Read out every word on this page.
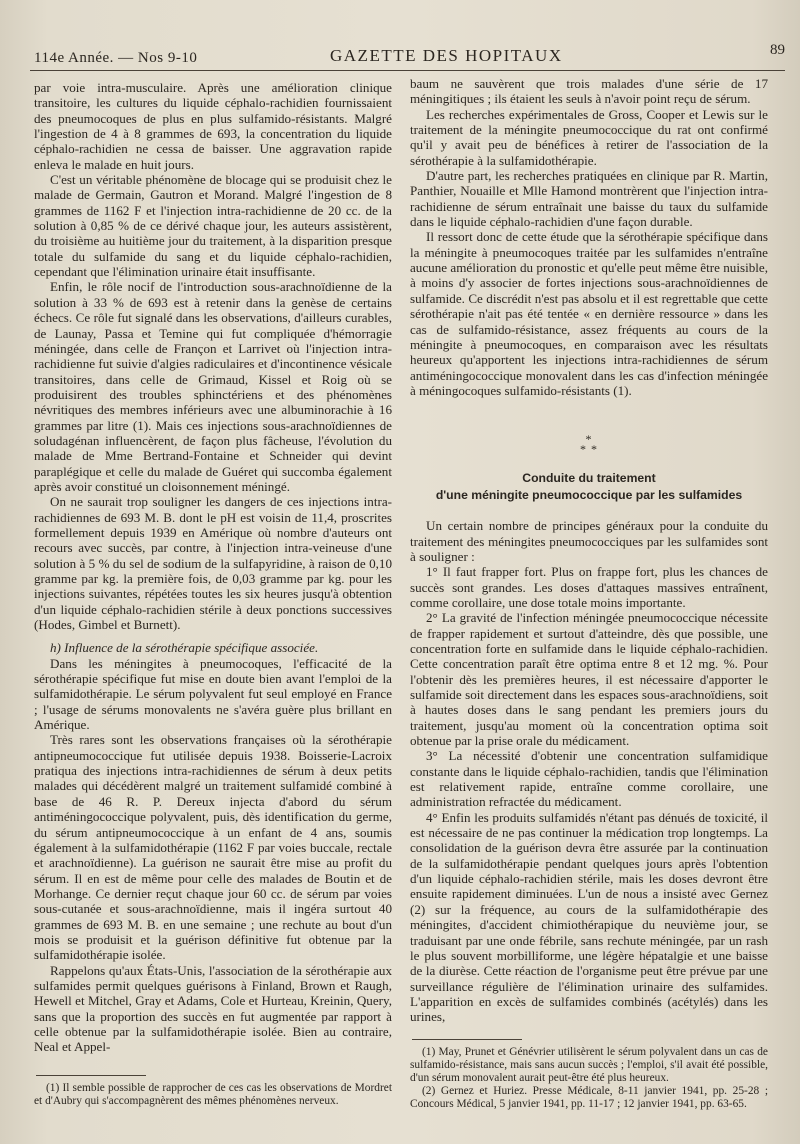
114e Année. — Nos 9-10	GAZETTE DES HOPITAUX	89

par voie intra-musculaire. Après une amélioration clinique transitoire, les cultures du liquide céphalo-rachidien fournissaient des pneumocoques de plus en plus sulfamido-résistants. Malgré l'ingestion de 4 à 8 grammes de 693, la concentration du liquide céphalo-rachidien ne cessa de baisser. Une aggravation rapide enleva le malade en huit jours.

C'est un véritable phénomène de blocage qui se produisit chez le malade de Germain, Gautron et Morand. Malgré l'ingestion de 8 grammes de 1162 F et l'injection intra-rachidienne de 20 cc. de la solution à 0,85 % de ce dérivé chaque jour, les auteurs assistèrent, du troisième au huitième jour du traitement, à la disparition presque totale du sulfamide du sang et du liquide céphalo-rachidien, cependant que l'élimination urinaire était insuffisante.

Enfin, le rôle nocif de l'introduction sous-arachnoïdienne de la solution à 33 % de 693 est à retenir dans la genèse de certains échecs. Ce rôle fut signalé dans les observations, d'ailleurs curables, de Launay, Passa et Temine qui fut compliquée d'hémorragie méningée, dans celle de Françon et Larrivet où l'injection intra-rachidienne fut suivie d'algies radiculaires et d'incontinence vésicale transitoires, dans celle de Grimaud, Kissel et Roig où se produisirent des troubles sphinctériens et des phénomènes névritiques des membres inférieurs avec une albuminorachie à 16 grammes par litre (1). Mais ces injections sous-arachnoïdiennes de soludagénan influencèrent, de façon plus fâcheuse, l'évolution du malade de Mme Bertrand-Fontaine et Schneider qui devint paraplégique et celle du malade de Guéret qui succomba également après avoir constitué un cloisonnement méningé.

On ne saurait trop souligner les dangers de ces injections intra-rachidiennes de 693 M. B. dont le pH est voisin de 11,4, proscrites formellement depuis 1939 en Amérique où nombre d'auteurs ont recours avec succès, par contre, à l'injection intra-veineuse d'une solution à 5 % du sel de sodium de la sulfapyridine, à raison de 0,10 gramme par kg. la première fois, de 0,03 gramme par kg. pour les injections suivantes, répétées toutes les six heures jusqu'à obtention d'un liquide céphalo-rachidien stérile à deux ponctions successives (Hodes, Gimbel et Burnett).

h) Influence de la sérothérapie spécifique associée.

Dans les méningites à pneumocoques, l'efficacité de la sérothérapie spécifique fut mise en doute bien avant l'emploi de la sulfamidothérapie. Le sérum polyvalent fut seul employé en France ; l'usage de sérums monovalents ne s'avéra guère plus brillant en Amérique.

Très rares sont les observations françaises où la sérothérapie antipneumococcique fut utilisée depuis 1938. Boisserie-Lacroix pratiqua des injections intra-rachidiennes de sérum à deux petits malades qui décédèrent malgré un traitement sulfamidé combiné à base de 46 R. P. Dereux injecta d'abord du sérum antiméningococcique polyvalent, puis, dès identification du germe, du sérum antipneumococcique à un enfant de 4 ans, soumis également à la sulfamidothérapie (1162 F par voies buccale, rectale et arachnoïdienne). La guérison ne saurait être mise au profit du sérum. Il en est de même pour celle des malades de Boutin et de Morhange. Ce dernier reçut chaque jour 60 cc. de sérum par voies sous-cutanée et sous-arachnoïdienne, mais il ingéra surtout 40 grammes de 693 M. B. en une semaine ; une rechute au bout d'un mois se produisit et la guérison définitive fut obtenue par la sulfamidothérapie isolée.

Rappelons qu'aux États-Unis, l'association de la sérothérapie aux sulfamides permit quelques guérisons à Finland, Brown et Raugh, Hewell et Mitchel, Gray et Adams, Cole et Hurteau, Kreinin, Query, sans que la proportion des succès en fut augmentée par rapport à celle obtenue par la sulfamidothérapie isolée. Bien au contraire, Neal et Appel-

(1) Il semble possible de rapprocher de ces cas les observations de Mordret et d'Aubry qui s'accompagnèrent des mêmes phénomènes nerveux.

baum ne sauvèrent que trois malades d'une série de 17 méningitiques ; ils étaient les seuls à n'avoir point reçu de sérum.

Les recherches expérimentales de Gross, Cooper et Lewis sur le traitement de la méningite pneumococcique du rat ont confirmé qu'il y avait peu de bénéfices à retirer de l'association de la sérothérapie à la sulfamidothérapie.

D'autre part, les recherches pratiquées en clinique par R. Martin, Panthier, Nouaille et Mlle Hamond montrèrent que l'injection intra-rachidienne de sérum entraînait une baisse du taux du sulfamide dans le liquide céphalo-rachidien d'une façon durable.

Il ressort donc de cette étude que la sérothérapie spécifique dans la méningite à pneumocoques traitée par les sulfamides n'entraîne aucune amélioration du pronostic et qu'elle peut même être nuisible, à moins d'y associer de fortes injections sous-arachnoïdiennes de sulfamide. Ce discrédit n'est pas absolu et il est regrettable que cette sérothérapie n'ait pas été tentée « en dernière ressource » dans les cas de sulfamido-résistance, assez fréquents au cours de la méningite à pneumocoques, en comparaison avec les résultats heureux qu'apportent les injections intra-rachidiennes de sérum antiméningococcique monovalent dans les cas d'infection méningée à méningocoques sulfamido-résistants (1).

*
* *

Conduite du traitement

d'une méningite pneumococcique par les sulfamides

Un certain nombre de principes généraux pour la conduite du traitement des méningites pneumococciques par les sulfamides sont à souligner :

1° Il faut frapper fort. Plus on frappe fort, plus les chances de succès sont grandes. Les doses d'attaques massives entraînent, comme corollaire, une dose totale moins importante.

2° La gravité de l'infection méningée pneumococcique nécessite de frapper rapidement et surtout d'atteindre, dès que possible, une concentration forte en sulfamide dans le liquide céphalo-rachidien. Cette concentration paraît être optima entre 8 et 12 mg. %. Pour l'obtenir dès les premières heures, il est nécessaire d'apporter le sulfamide soit directement dans les espaces sous-arachnoïdiens, soit à hautes doses dans le sang pendant les premiers jours du traitement, jusqu'au moment où la concentration optima soit obtenue par la prise orale du médicament.

3° La nécessité d'obtenir une concentration sulfamidique constante dans le liquide céphalo-rachidien, tandis que l'élimination est relativement rapide, entraîne comme corollaire, une administration refractée du médicament.

4° Enfin les produits sulfamidés n'étant pas dénués de toxicité, il est nécessaire de ne pas continuer la médication trop longtemps. La consolidation de la guérison devra être assurée par la continuation de la sulfamidothérapie pendant quelques jours après l'obtention d'un liquide céphalo-rachidien stérile, mais les doses devront être ensuite rapidement diminuées. L'un de nous a insisté avec Gernez (2) sur la fréquence, au cours de la sulfamidothérapie des méningites, d'accident chimiothérapique du neuvième jour, se traduisant par une onde fébrile, sans rechute méningée, par un rash le plus souvent morbilliforme, une légère hépatalgie et une baisse de la diurèse. Cette réaction de l'organisme peut être prévue par une surveillance régulière de l'élimination urinaire des sulfamides. L'apparition en excès de sulfamides combinés (acétylés) dans les urines,

(1) May, Prunet et Génévrier utilisèrent le sérum polyvalent dans un cas de sulfamido-résistance, mais sans aucun succès ; l'emploi, s'il avait été possible, d'un sérum monovalent aurait peut-être été plus heureux.

(2) Gernez et Huriez. Presse Médicale, 8-11 janvier 1941, pp. 25-28 ; Concours Médical, 5 janvier 1941, pp. 11-17 ; 12 janvier 1941, pp. 63-65.
